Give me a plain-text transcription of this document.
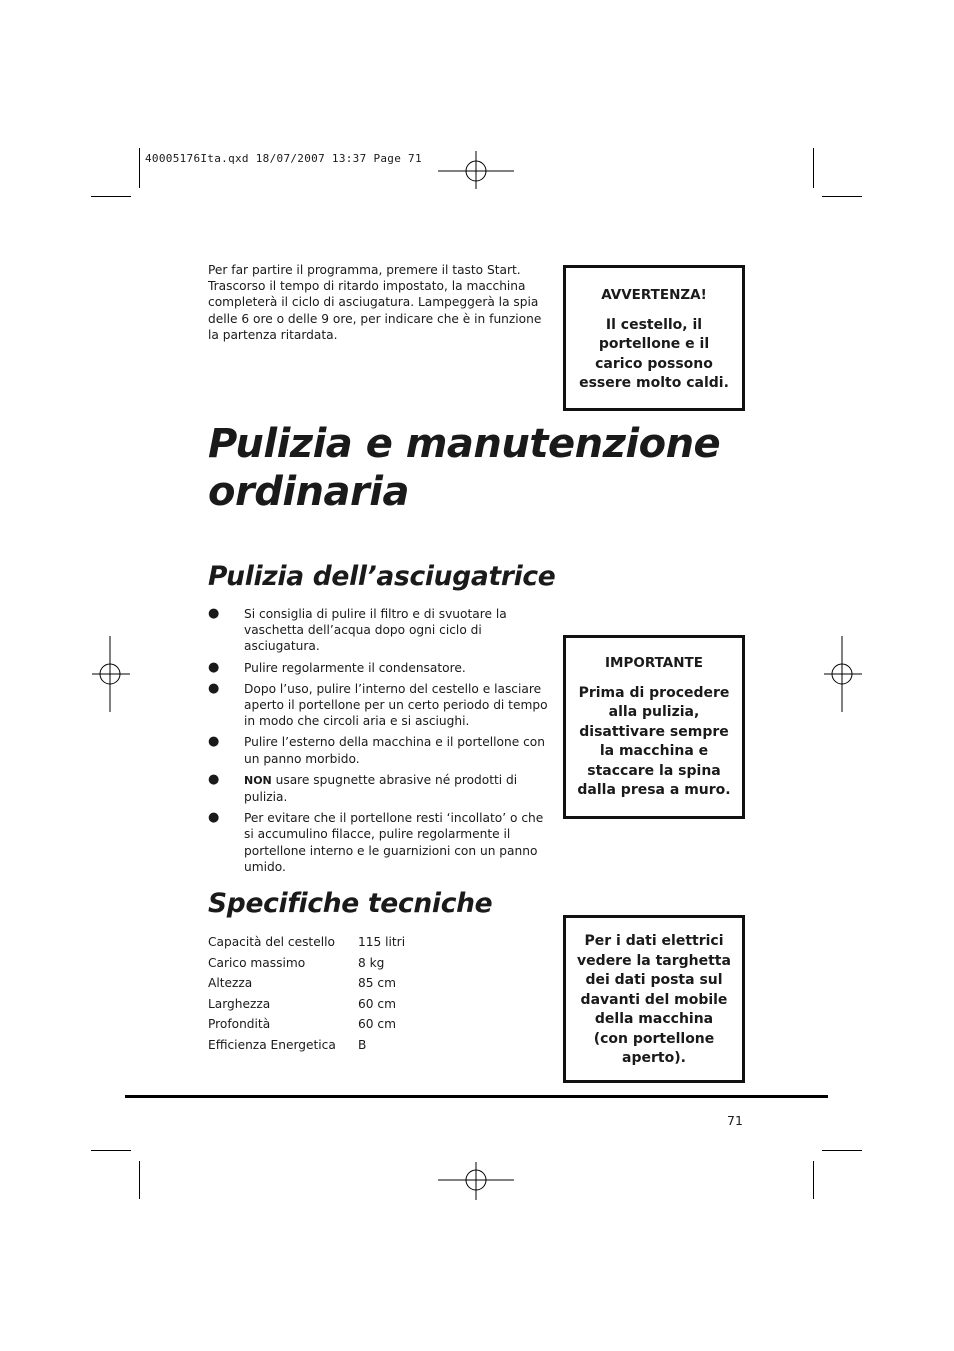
40005176Ita.qxd 18/07/2007 13:37 Page 71
Per far partire il programma, premere il tasto Start. Trascorso il tempo di ritardo impostato, la macchina completerà il ciclo di asciugatura. Lampeggerà la spia delle 6 ore o delle 9 ore, per indicare che è in funzione la partenza ritardata.
AVVERTENZA!
Il cestello, il portellone e il carico possono essere molto caldi.
Pulizia e manutenzione ordinaria
Pulizia dell’asciugatrice
●	Si consiglia di pulire il filtro e di svuotare la vaschetta dell’acqua dopo ogni ciclo di asciugatura.
●	Pulire regolarmente il condensatore.
●	Dopo l’uso, pulire l’interno del cestello e lasciare aperto il portellone per un certo periodo di tempo in modo che circoli aria e si asciughi.
●	Pulire l’esterno della macchina e il portellone con un panno morbido.
●	NON usare spugnette abrasive né prodotti di pulizia.
●	Per evitare che il portellone resti ‘incollato’ o che si accumulino filacce, pulire regolarmente il portellone interno e le guarnizioni con un panno umido.
IMPORTANTE
Prima di procedere alla pulizia, disattivare sempre la macchina e staccare la spina dalla presa a muro.
Specifiche tecniche
Capacità del cestello	115 litri
Carico massimo	8 kg
Altezza	85 cm
Larghezza	60 cm
Profondità	60 cm
Efficienza Energetica	B
Per i dati elettrici vedere la targhetta dei dati posta sul davanti del mobile della macchina (con portellone aperto).
71
